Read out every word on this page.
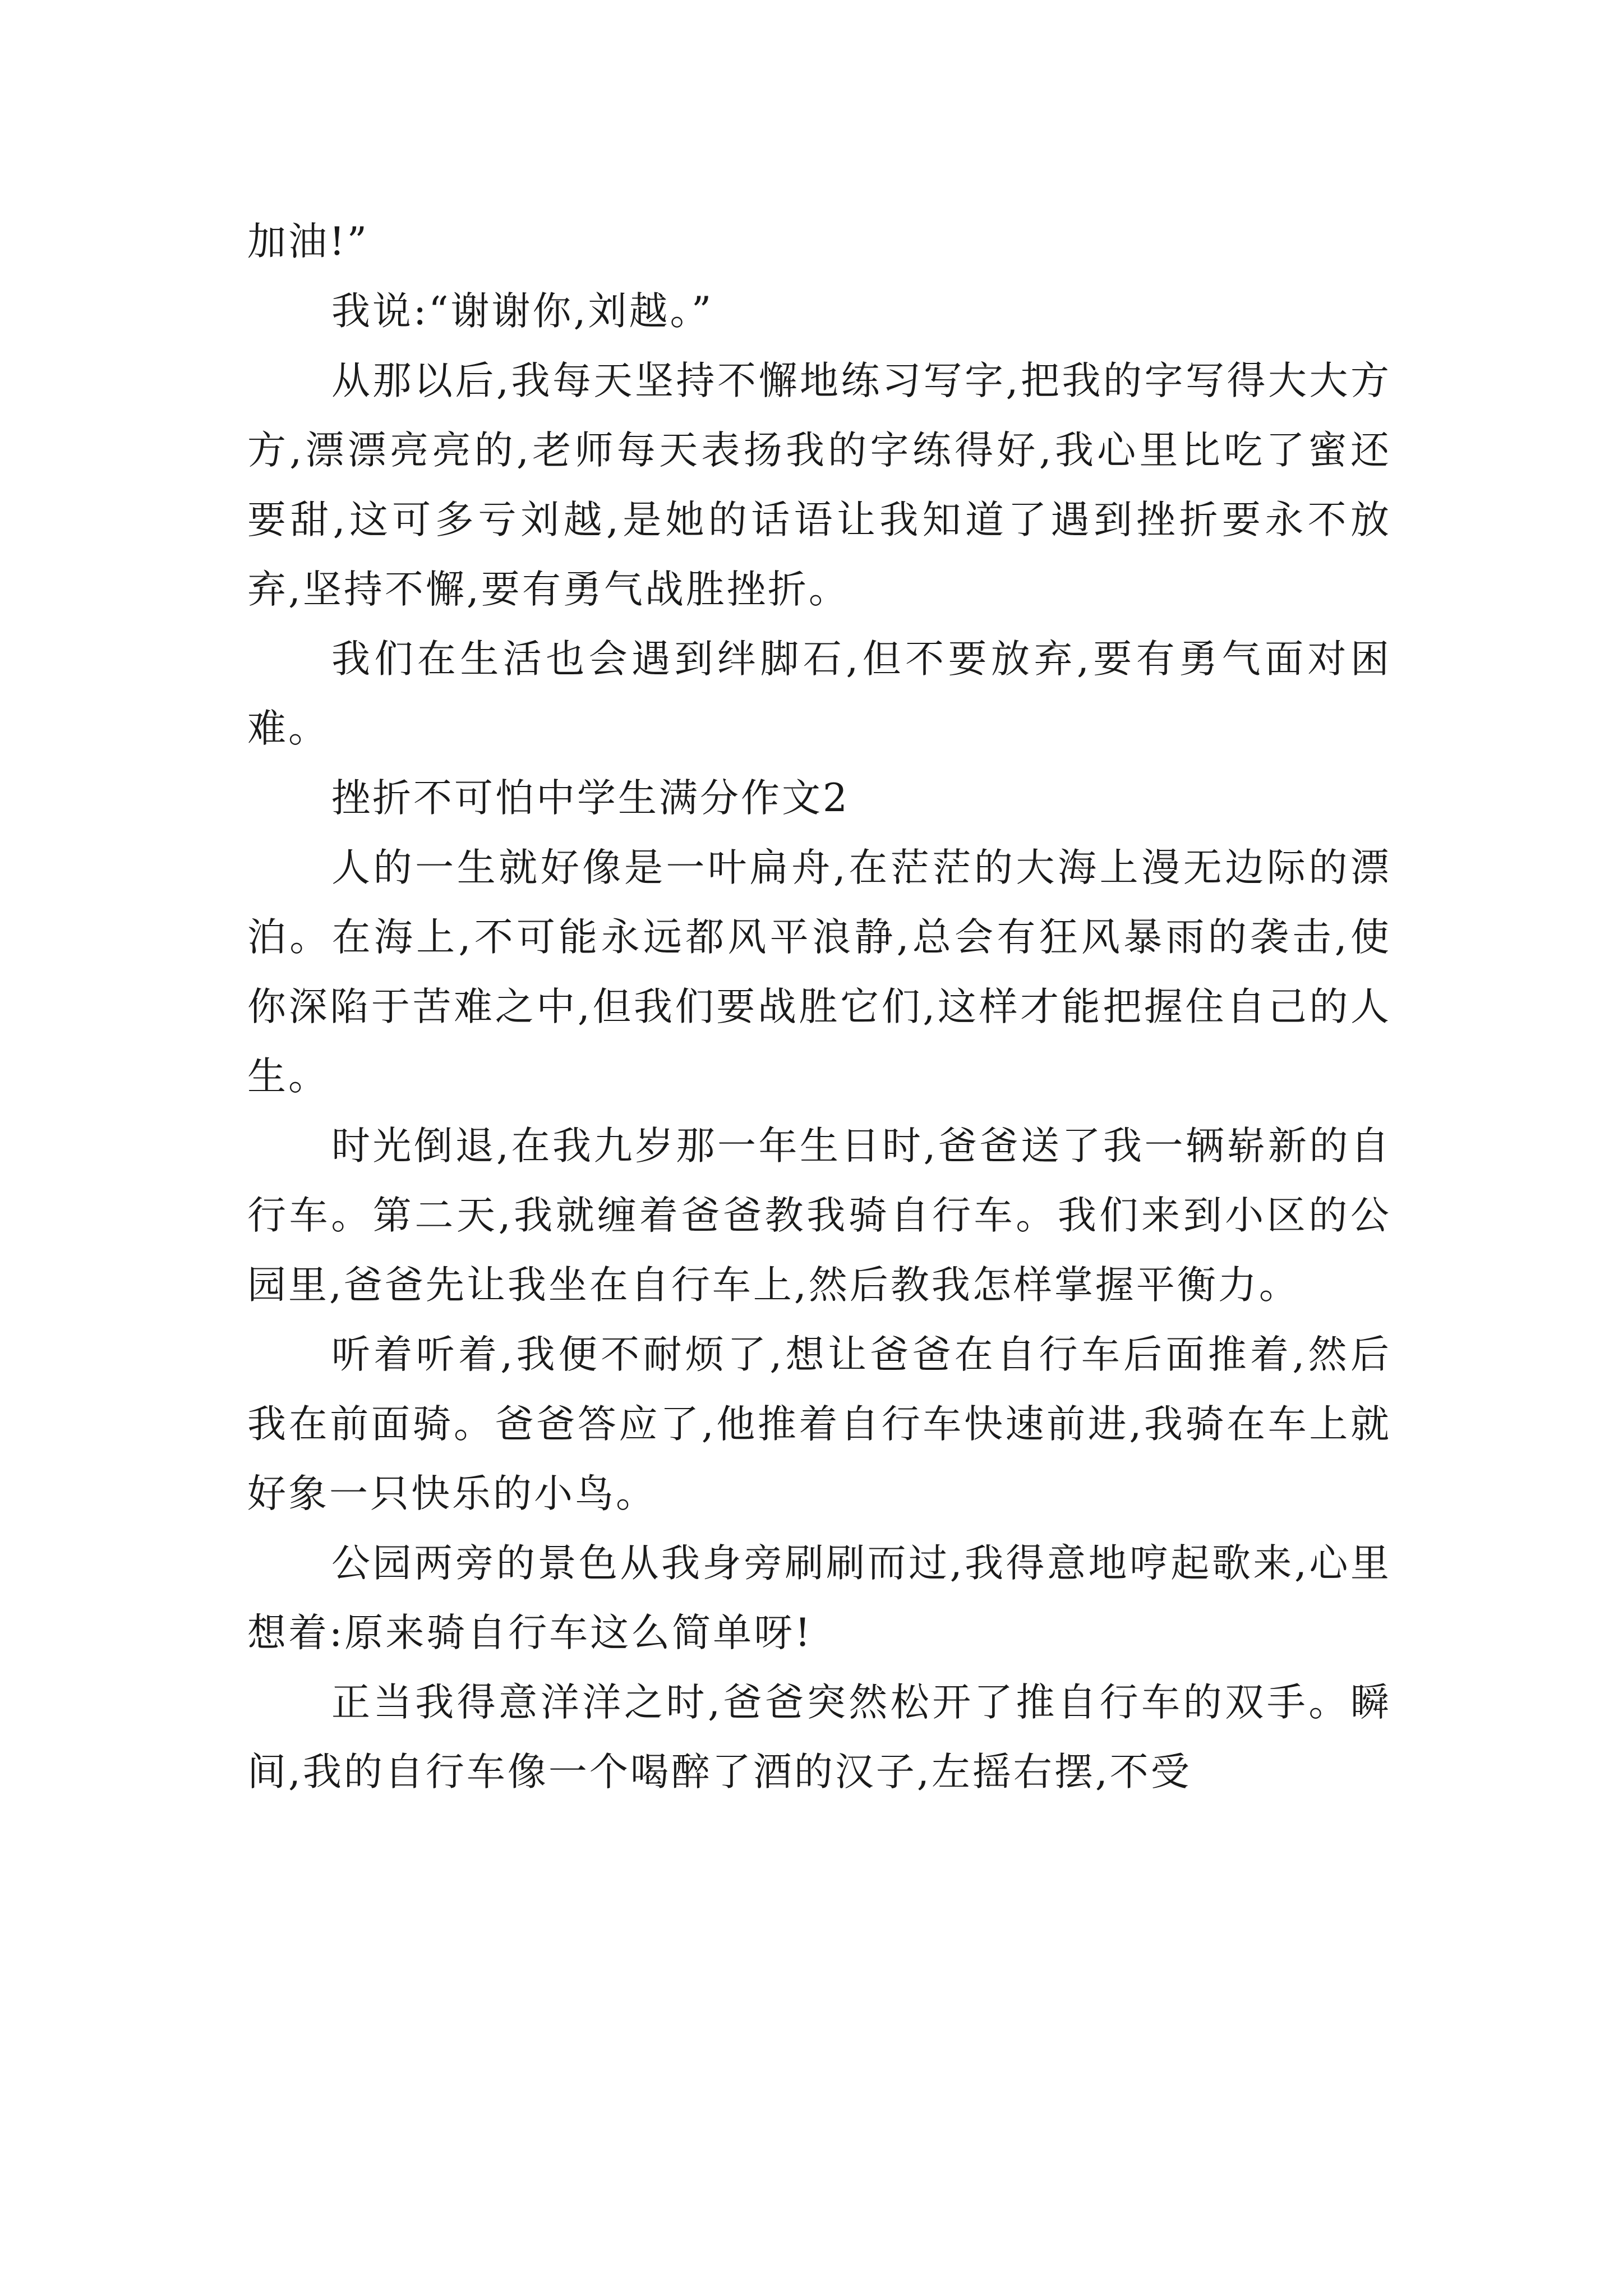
加油!”

我说:“谢谢你,刘越。”

从那以后,我每天坚持不懈地练习写字,把我的字写得大大方方,漂漂亮亮的,老师每天表扬我的字练得好,我心里比吃了蜜还要甜,这可多亏刘越,是她的话语让我知道了遇到挫折要永不放弃,坚持不懈,要有勇气战胜挫折。

我们在生活也会遇到绊脚石,但不要放弃,要有勇气面对困难。

挫折不可怕中学生满分作文2

人的一生就好像是一叶扁舟,在茫茫的大海上漫无边际的漂泊。在海上,不可能永远都风平浪静,总会有狂风暴雨的袭击,使你深陷于苦难之中,但我们要战胜它们,这样才能把握住自己的人生。

时光倒退,在我九岁那一年生日时,爸爸送了我一辆崭新的自行车。第二天,我就缠着爸爸教我骑自行车。我们来到小区的公园里,爸爸先让我坐在自行车上,然后教我怎样掌握平衡力。

听着听着,我便不耐烦了,想让爸爸在自行车后面推着,然后我在前面骑。爸爸答应了,他推着自行车快速前进,我骑在车上就好象一只快乐的小鸟。

公园两旁的景色从我身旁刷刷而过,我得意地哼起歌来,心里想着:原来骑自行车这么简单呀!

正当我得意洋洋之时,爸爸突然松开了推自行车的双手。瞬间,我的自行车像一个喝醉了酒的汉子,左摇右摆,不受
